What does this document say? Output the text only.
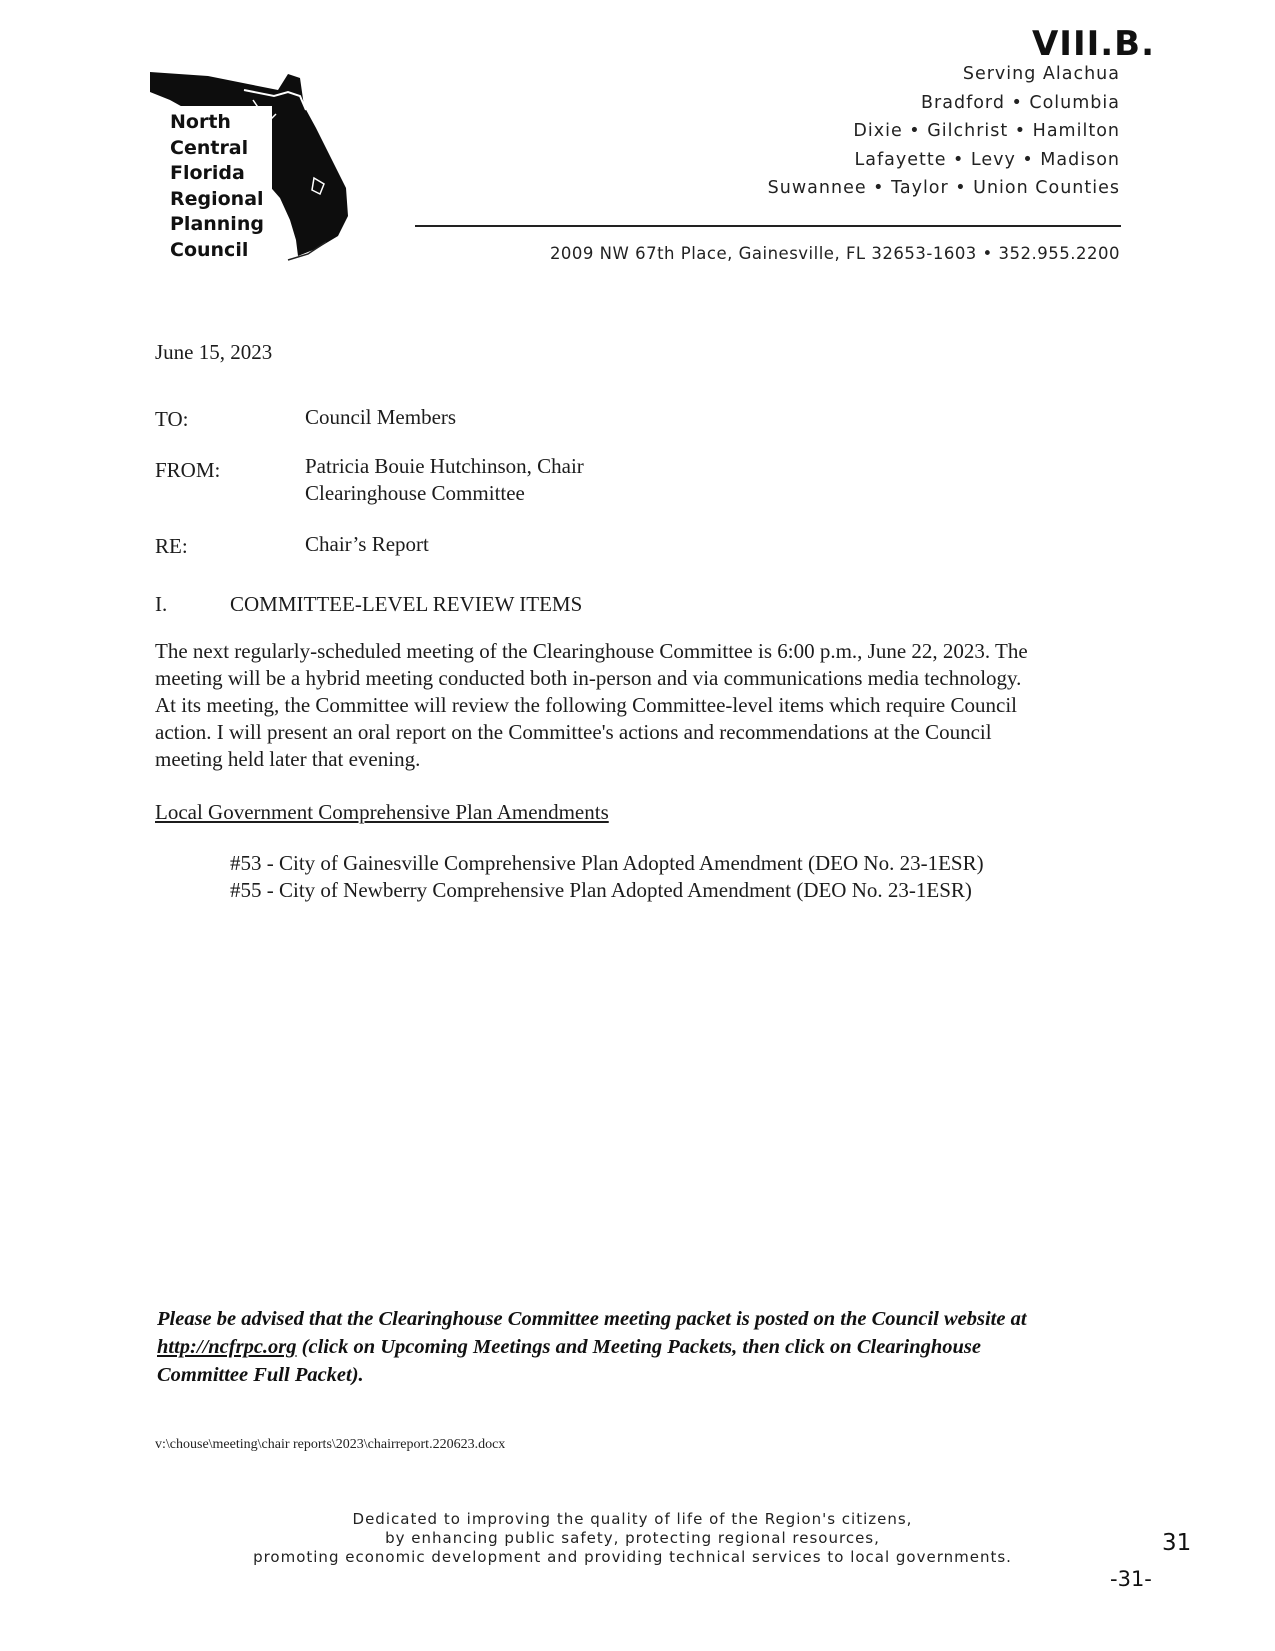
VIII.B.
North
Central
Florida
Regional
Planning
Council
Serving Alachua
Bradford • Columbia
Dixie • Gilchrist • Hamilton
Lafayette • Levy • Madison
Suwannee • Taylor • Union Counties
2009 NW 67th Place, Gainesville, FL 32653-1603 • 352.955.2200
June 15, 2023
TO:	Council Members
FROM:	Patricia Bouie Hutchinson, Chair
Clearinghouse Committee
RE:	Chair’s Report
I.	COMMITTEE-LEVEL REVIEW ITEMS
The next regularly-scheduled meeting of the Clearinghouse Committee is 6:00 p.m., June 22, 2023. The
meeting will be a hybrid meeting conducted both in-person and via communications media technology.
At its meeting, the Committee will review the following Committee-level items which require Council
action. I will present an oral report on the Committee's actions and recommendations at the Council
meeting held later that evening.
Local Government Comprehensive Plan Amendments
#53 - City of Gainesville Comprehensive Plan Adopted Amendment (DEO No. 23-1ESR)
#55 - City of Newberry Comprehensive Plan Adopted Amendment (DEO No. 23-1ESR)
Please be advised that the Clearinghouse Committee meeting packet is posted on the Council website at
http://ncfrpc.org (click on Upcoming Meetings and Meeting Packets, then click on Clearinghouse
Committee Full Packet).
v:\chouse\meeting\chair reports\2023\chairreport.220623.docx
Dedicated to improving the quality of life of the Region's citizens,
by enhancing public safety, protecting regional resources,
promoting economic development and providing technical services to local governments.
31
-31-
